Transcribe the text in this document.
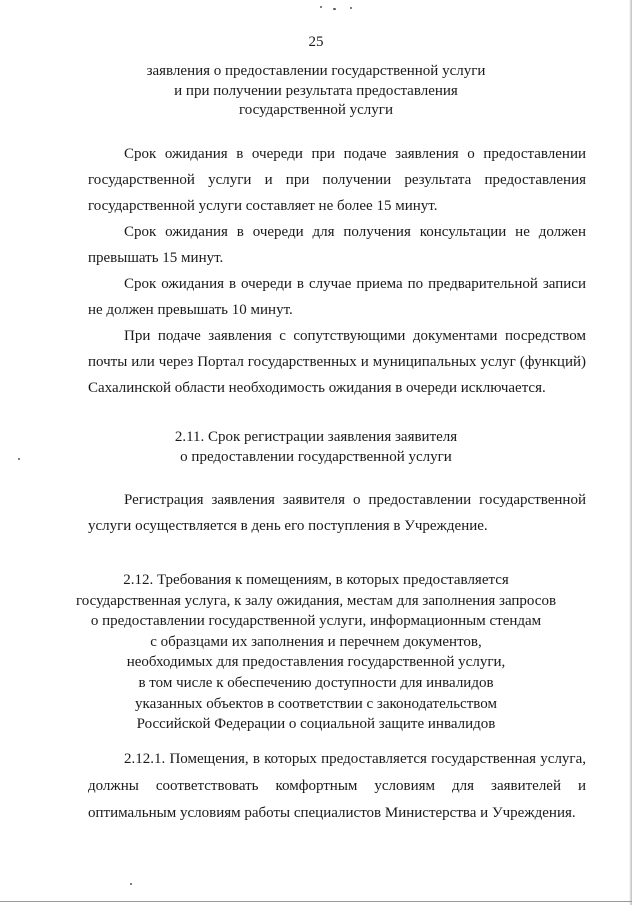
25
заявления о предоставлении государственной услуги
и при получении результата предоставления
государственной услуги

Срок ожидания в очереди при подаче заявления о предоставлении государственной услуги и при получении результата предоставления государственной услуги составляет не более 15 минут.

Срок ожидания в очереди для получения консультации не должен превышать 15 минут.

Срок ожидания в очереди в случае приема по предварительной записи не должен превышать 10 минут.

При подаче заявления с сопутствующими документами посредством почты или через Портал государственных и муниципальных услуг (функций) Сахалинской области необходимость ожидания в очереди исключается.

2.11. Срок регистрации заявления заявителя
о предоставлении государственной услуги

Регистрация заявления заявителя о предоставлении государственной услуги осуществляется в день его поступления в Учреждение.

2.12. Требования к помещениям, в которых предоставляется
государственная услуга, к залу ожидания, местам для заполнения запросов
о предоставлении государственной услуги, информационным стендам
с образцами их заполнения и перечнем документов,
необходимых для предоставления государственной услуги,
в том числе к обеспечению доступности для инвалидов
указанных объектов в соответствии с законодательством
Российской Федерации о социальной защите инвалидов

2.12.1. Помещения, в которых предоставляется государственная услуга, должны соответствовать комфортным условиям для заявителей и оптимальным условиям работы специалистов Министерства и Учреждения.
